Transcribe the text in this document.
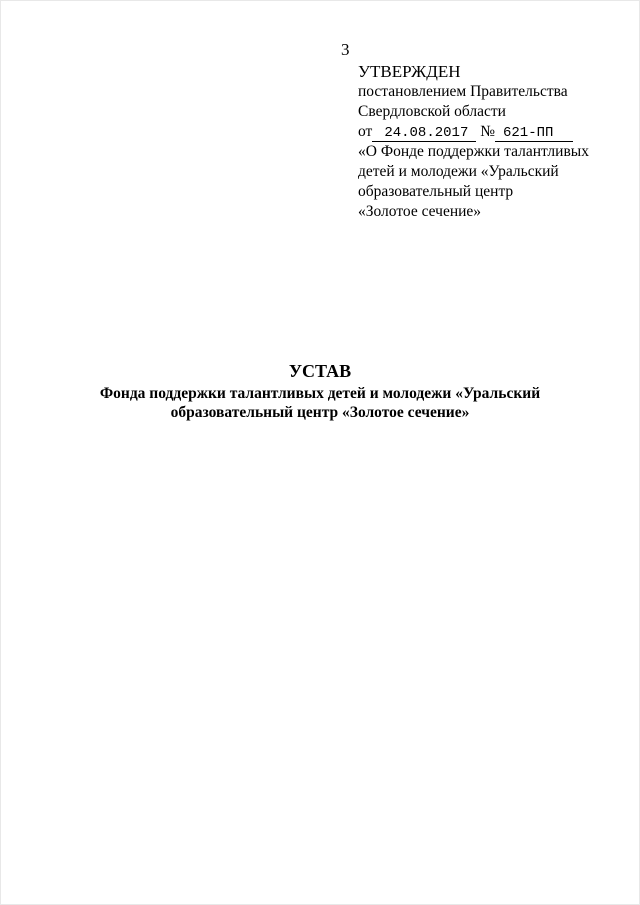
3
УТВЕРЖДЕН
постановлением Правительства
Свердловской области
от 24.08.2017 № 621-ПП
«О Фонде поддержки талантливых
детей и молодежи «Уральский
образовательный центр
«Золотое сечение»
УСТАВ
Фонда поддержки талантливых детей и молодежи «Уральский
образовательный центр «Золотое сечение»
